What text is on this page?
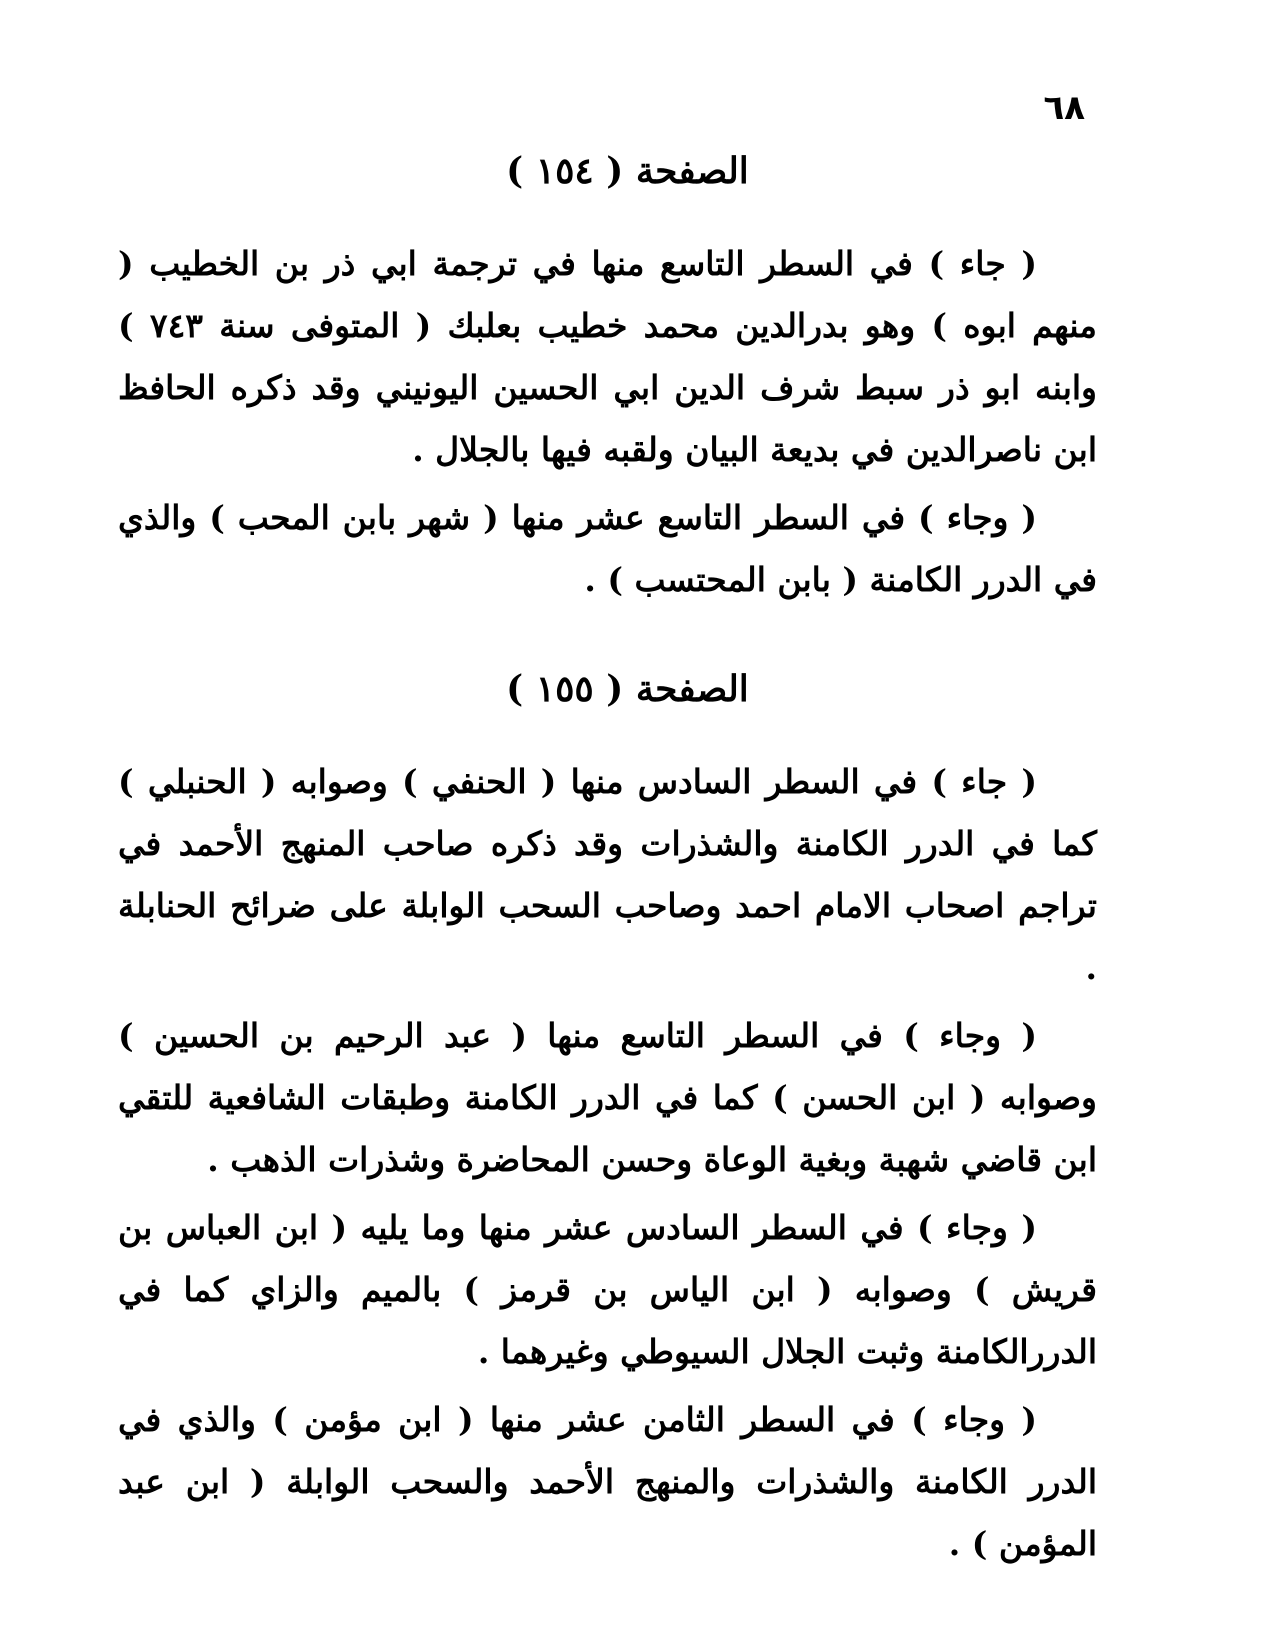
٦٨
الصفحة ( ١٥٤ )

( جاء ) في السطر التاسع منها في ترجمة ابي ذر بن الخطيب ( منهم ابوه ) وهو بدرالدين محمد خطيب بعلبك ( المتوفى سنة ٧٤٣ ) وابنه ابو ذر سبط شرف الدين ابي الحسين اليونيني وقد ذكره الحافظ ابن ناصرالدين في بديعة البيان ولقبه فيها بالجلال .

( وجاء ) في السطر التاسع عشر منها ( شهر بابن المحب ) والذي في الدرر الكامنة ( بابن المحتسب ) .

الصفحة ( ١٥٥ )

( جاء ) في السطر السادس منها ( الحنفي ) وصوابه ( الحنبلي ) كما في الدرر الكامنة والشذرات وقد ذكره صاحب المنهج الأحمد في تراجم اصحاب الامام احمد وصاحب السحب الوابلة على ضرائح الحنابلة .

( وجاء ) في السطر التاسع منها ( عبد الرحيم بن الحسين ) وصوابه ( ابن الحسن ) كما في الدرر الكامنة وطبقات الشافعية للتقي ابن قاضي شهبة وبغية الوعاة وحسن المحاضرة وشذرات الذهب .

( وجاء ) في السطر السادس عشر منها وما يليه ( ابن العباس بن قريش ) وصوابه ( ابن الياس بن قرمز ) بالميم والزاي كما في الدررالكامنة وثبت الجلال السيوطي وغيرهما .

( وجاء ) في السطر الثامن عشر منها ( ابن مؤمن ) والذي في الدرر الكامنة والشذرات والمنهج الأحمد والسحب الوابلة ( ابن عبد المؤمن ) .
